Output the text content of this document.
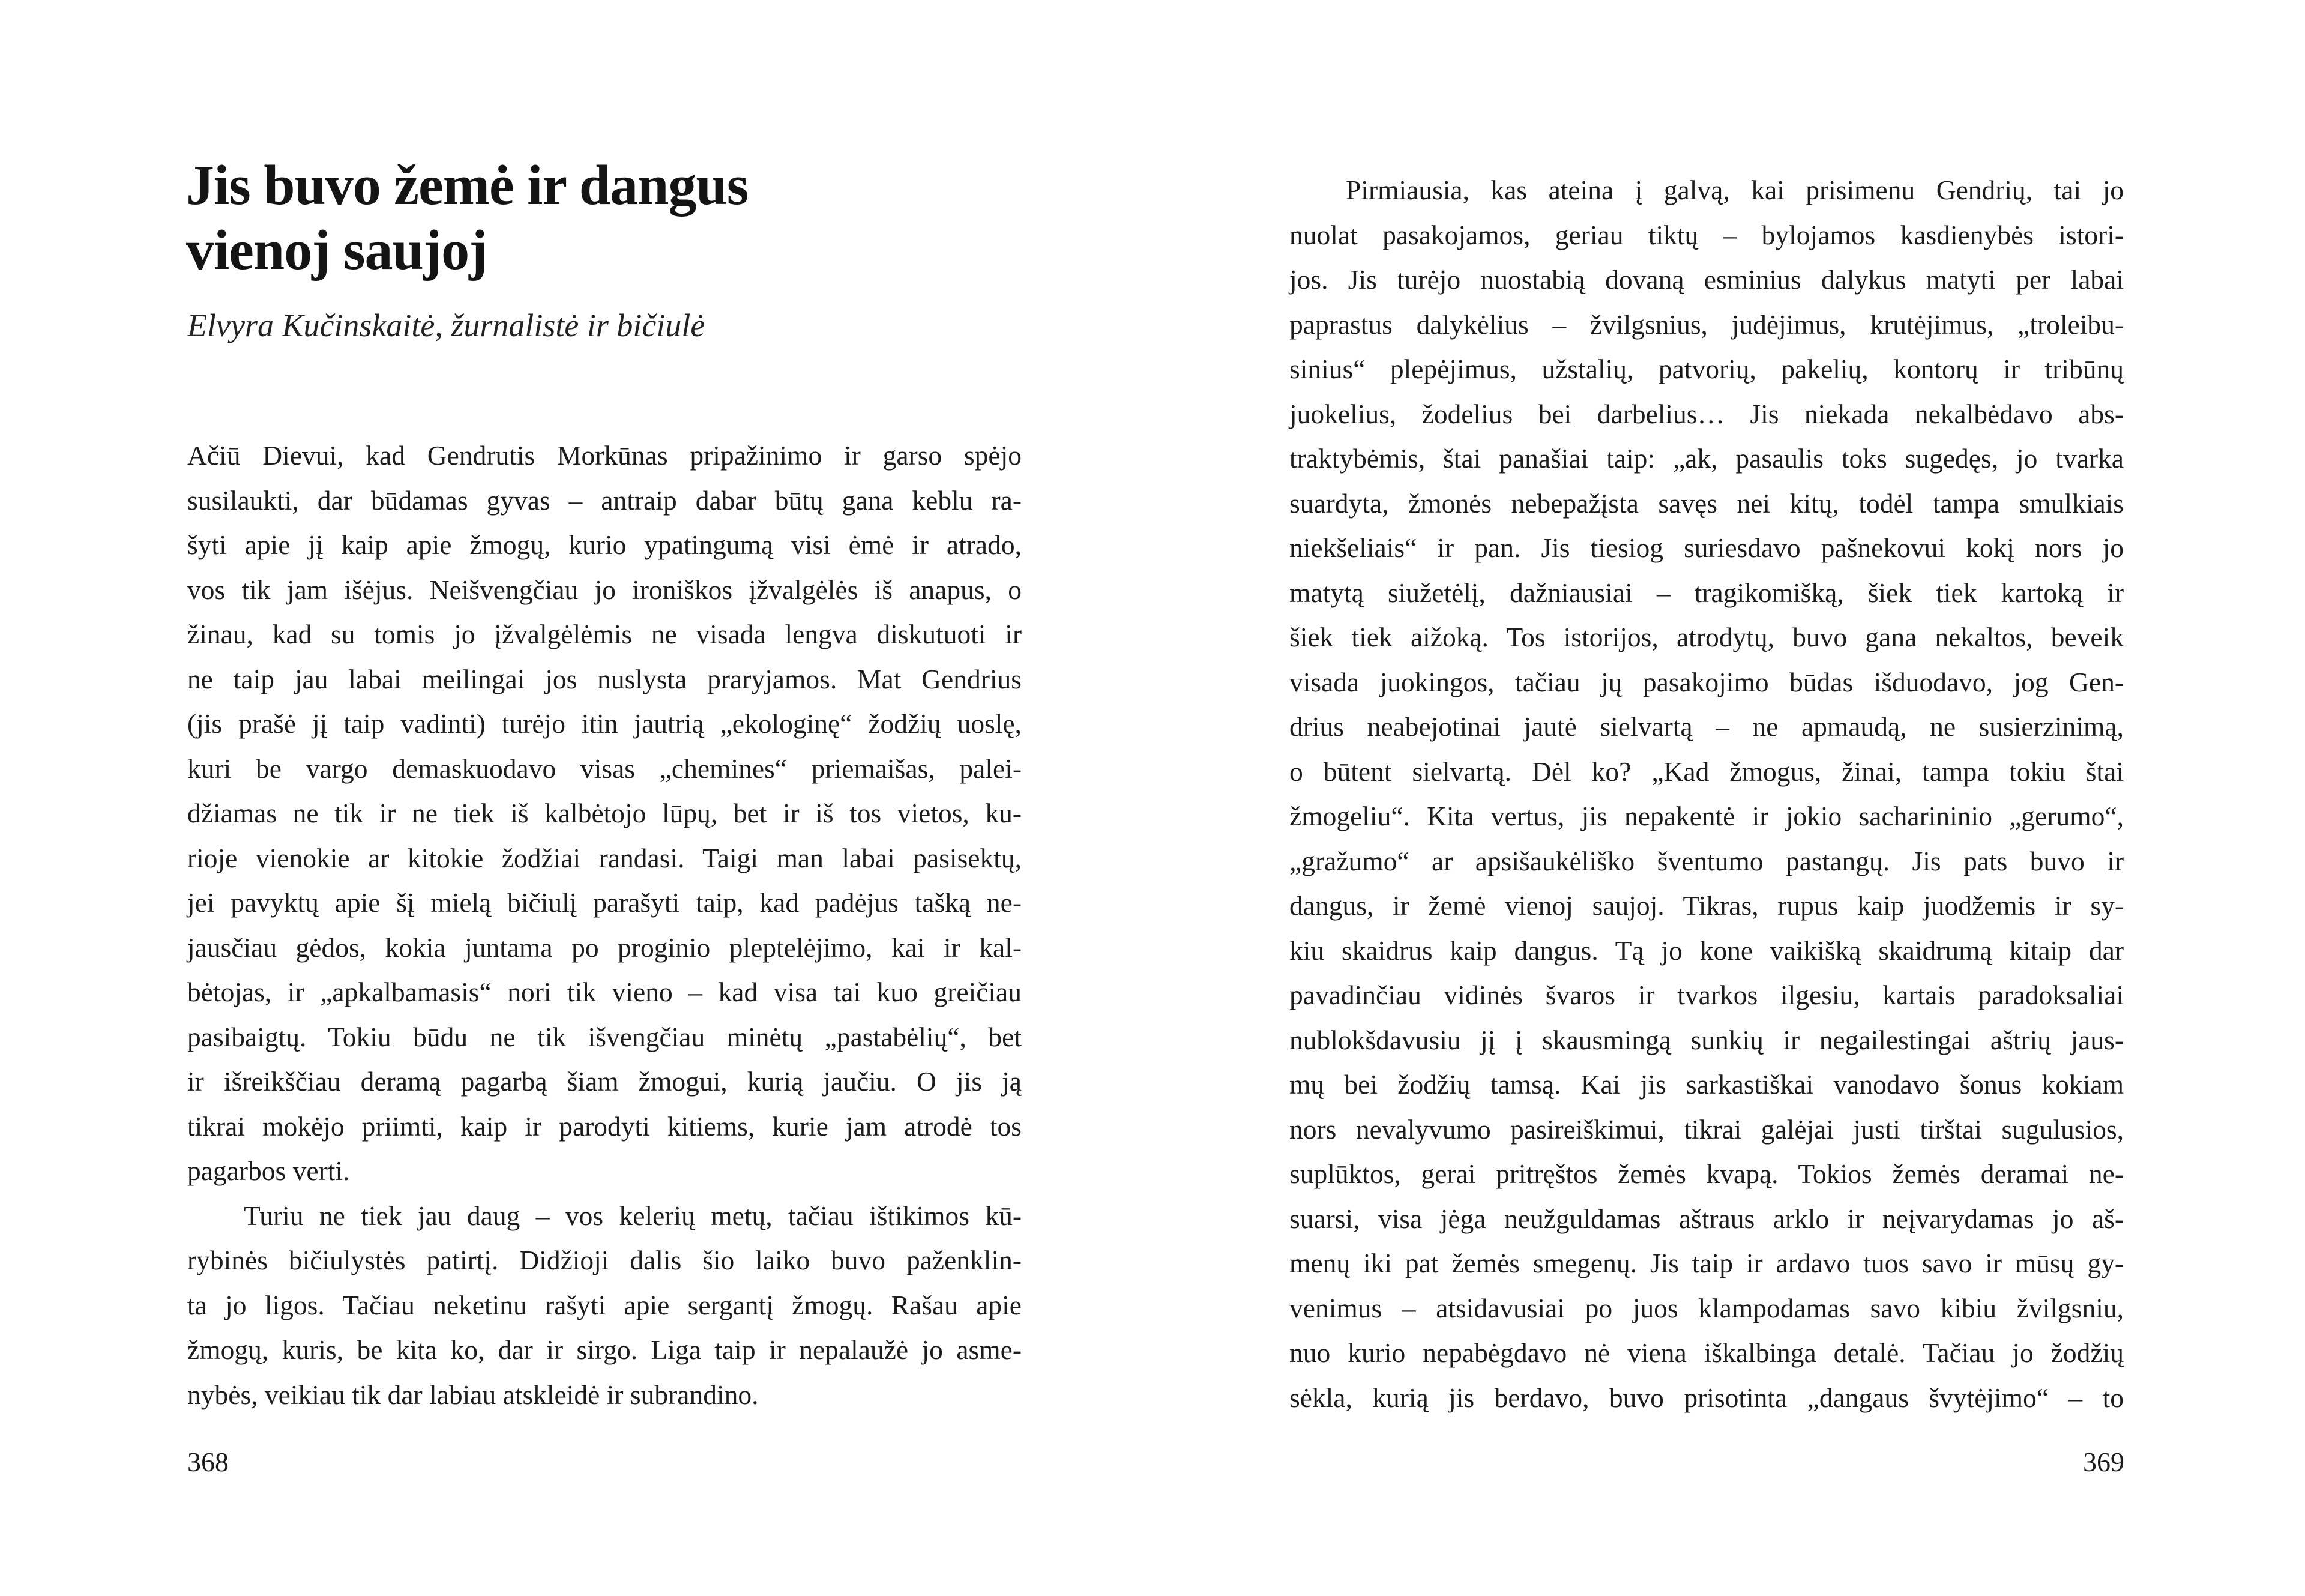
Jis buvo žemė ir dangus
vienoj saujoj

Elvyra Kučinskaitė, žurnalistė ir bičiulė

Ačiū Dievui, kad Gendrutis Morkūnas pripažinimo ir garso spėjo
susilaukti, dar būdamas gyvas – antraip dabar būtų gana keblu ra-
šyti apie jį kaip apie žmogų, kurio ypatingumą visi ėmė ir atrado,
vos tik jam išėjus. Neišvengčiau jo ironiškos įžvalgėlės iš anapus, o
žinau, kad su tomis jo įžvalgėlėmis ne visada lengva diskutuoti ir
ne taip jau labai meilingai jos nuslysta praryjamos. Mat Gendrius
(jis prašė jį taip vadinti) turėjo itin jautrią „ekologinę“ žodžių uoslę,
kuri be vargo demaskuodavo visas „chemines“ priemaišas, palei-
džiamas ne tik ir ne tiek iš kalbėtojo lūpų, bet ir iš tos vietos, ku-
rioje vienokie ar kitokie žodžiai randasi. Taigi man labai pasisektų,
jei pavyktų apie šį mielą bičiulį parašyti taip, kad padėjus tašką ne-
jausčiau gėdos, kokia juntama po proginio pleptelėjimo, kai ir kal-
bėtojas, ir „apkalbamasis“ nori tik vieno – kad visa tai kuo greičiau
pasibaigtų. Tokiu būdu ne tik išvengčiau minėtų „pastabėlių“, bet
ir išreikščiau deramą pagarbą šiam žmogui, kurią jaučiu. O jis ją
tikrai mokėjo priimti, kaip ir parodyti kitiems, kurie jam atrodė tos
pagarbos verti.
Turiu ne tiek jau daug – vos kelerių metų, tačiau ištikimos kū-
rybinės bičiulystės patirtį. Didžioji dalis šio laiko buvo paženklin-
ta jo ligos. Tačiau neketinu rašyti apie sergantį žmogų. Rašau apie
žmogų, kuris, be kita ko, dar ir sirgo. Liga taip ir nepalaužė jo asme-
nybės, veikiau tik dar labiau atskleidė ir subrandino.

368

Pirmiausia, kas ateina į galvą, kai prisimenu Gendrių, tai jo
nuolat pasakojamos, geriau tiktų – bylojamos kasdienybės istori-
jos. Jis turėjo nuostabią dovaną esminius dalykus matyti per labai
paprastus dalykėlius – žvilgsnius, judėjimus, krutėjimus, „troleibu-
sinius“ plepėjimus, užstalių, patvorių, pakelių, kontorų ir tribūnų
juokelius, žodelius bei darbelius… Jis niekada nekalbėdavo abs-
traktybėmis, štai panašiai taip: „ak, pasaulis toks sugedęs, jo tvarka
suardyta, žmonės nebepažįsta savęs nei kitų, todėl tampa smulkiais
niekšeliais“ ir pan. Jis tiesiog suriesdavo pašnekovui kokį nors jo
matytą siužetėlį, dažniausiai – tragikomišką, šiek tiek kartoką ir
šiek tiek aižoką. Tos istorijos, atrodytų, buvo gana nekaltos, beveik
visada juokingos, tačiau jų pasakojimo būdas išduodavo, jog Gen-
drius neabejotinai jautė sielvartą – ne apmaudą, ne susierzinimą,
o būtent sielvartą. Dėl ko? „Kad žmogus, žinai, tampa tokiu štai
žmogeliu“. Kita vertus, jis nepakentė ir jokio sacharininio „gerumo“,
„gražumo“ ar apsišaukėliško šventumo pastangų. Jis pats buvo ir
dangus, ir žemė vienoj saujoj. Tikras, rupus kaip juodžemis ir sy-
kiu skaidrus kaip dangus. Tą jo kone vaikišką skaidrumą kitaip dar
pavadinčiau vidinės švaros ir tvarkos ilgesiu, kartais paradoksaliai
nublokšdavusiu jį į skausmingą sunkių ir negailestingai aštrių jaus-
mų bei žodžių tamsą. Kai jis sarkastiškai vanodavo šonus kokiam
nors nevalyvumo pasireiškimui, tikrai galėjai justi tirštai sugulusios,
suplūktos, gerai pritręštos žemės kvapą. Tokios žemės deramai ne-
suarsi, visa jėga neužguldamas aštraus arklo ir neįvarydamas jo aš-
menų iki pat žemės smegenų. Jis taip ir ardavo tuos savo ir mūsų gy-
venimus – atsidavusiai po juos klampodamas savo kibiu žvilgsniu,
nuo kurio nepabėgdavo nė viena iškalbinga detalė. Tačiau jo žodžių
sėkla, kurią jis berdavo, buvo prisotinta „dangaus švytėjimo“ – to

369
